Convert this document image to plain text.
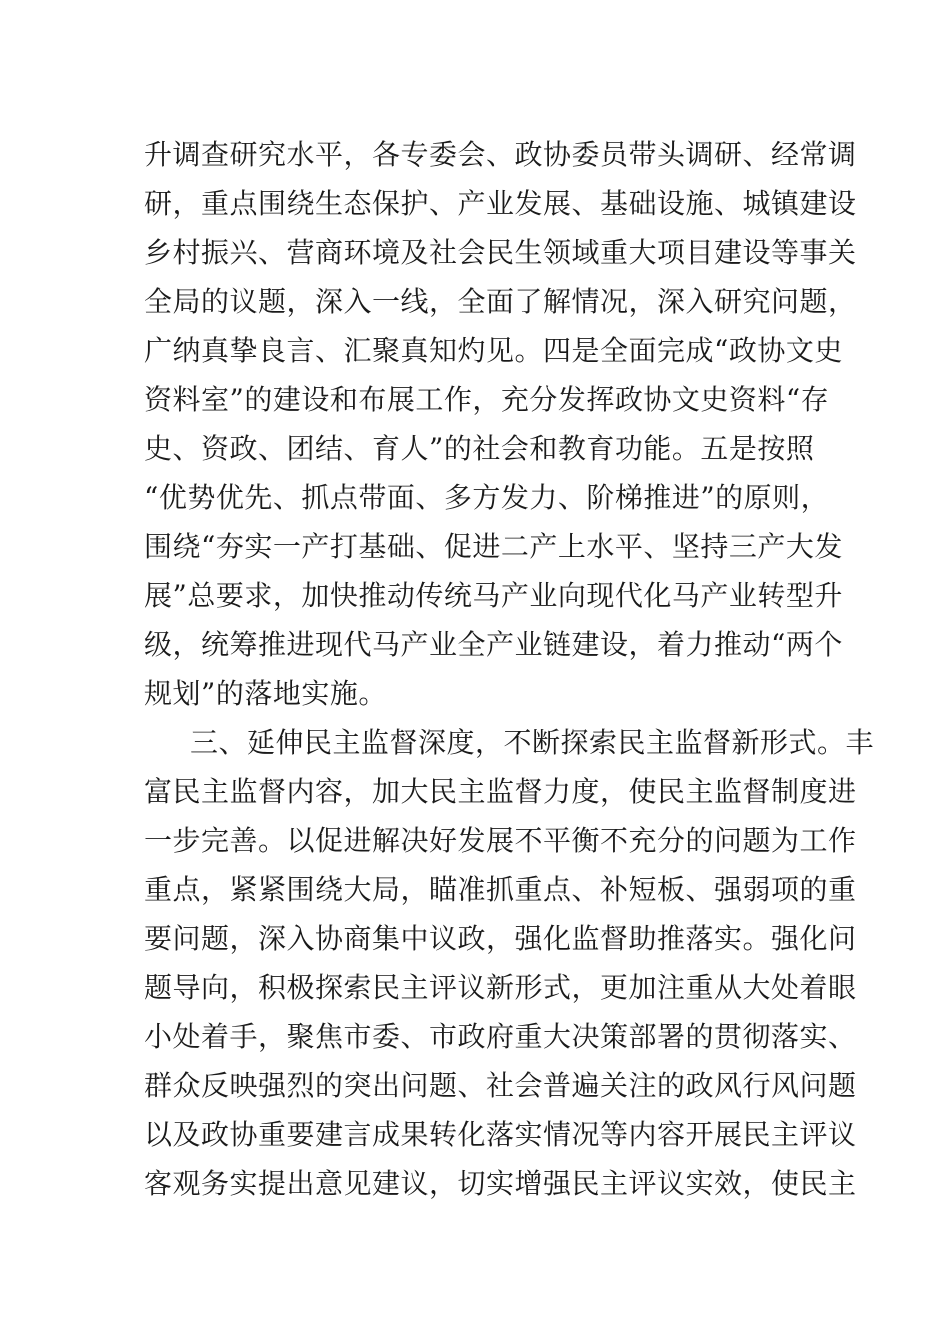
升调查研究水平，各专委会、政协委员带头调研、经常调
研，重点围绕生态保护、产业发展、基础设施、城镇建设
乡村振兴、营商环境及社会民生领域重大项目建设等事关
全局的议题，深入一线，全面了解情况，深入研究问题，
广纳真挚良言、汇聚真知灼见。四是全面完成“政协文史
资料室”的建设和布展工作，充分发挥政协文史资料“存
史、资政、团结、育人”的社会和教育功能。五是按照
“优势优先、抓点带面、多方发力、阶梯推进”的原则，
围绕“夯实一产打基础、促进二产上水平、坚持三产大发
展”总要求，加快推动传统马产业向现代化马产业转型升
级，统筹推进现代马产业全产业链建设，着力推动“两个
规划”的落地实施。
三、延伸民主监督深度，不断探索民主监督新形式。丰
富民主监督内容，加大民主监督力度，使民主监督制度进
一步完善。以促进解决好发展不平衡不充分的问题为工作
重点，紧紧围绕大局，瞄准抓重点、补短板、强弱项的重
要问题，深入协商集中议政，强化监督助推落实。强化问
题导向，积极探索民主评议新形式，更加注重从大处着眼
小处着手，聚焦市委、市政府重大决策部署的贯彻落实、
群众反映强烈的突出问题、社会普遍关注的政风行风问题
以及政协重要建言成果转化落实情况等内容开展民主评议
客观务实提出意见建议，切实增强民主评议实效，使民主
